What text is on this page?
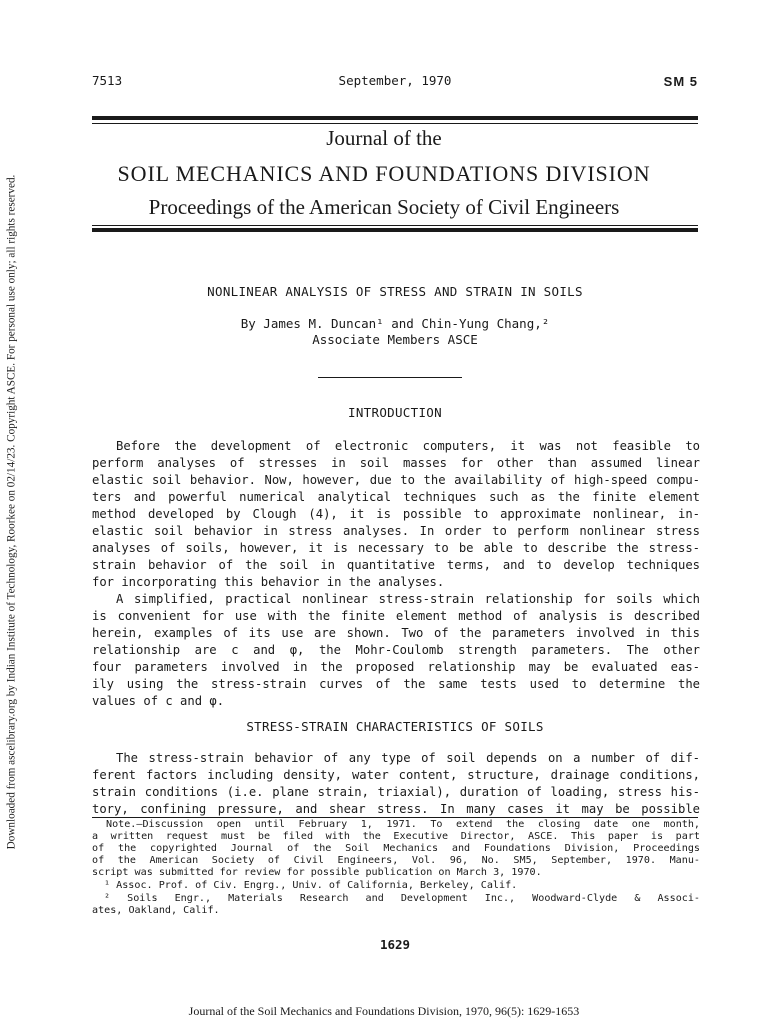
Downloaded from ascelibrary.org by Indian Institute of Technology, Roorkee on 02/14/23. Copyright ASCE. For personal use only; all rights reserved.
7513	September, 1970	SM 5
Journal of the
SOIL MECHANICS AND FOUNDATIONS DIVISION
Proceedings of the American Society of Civil Engineers
NONLINEAR ANALYSIS OF STRESS AND STRAIN IN SOILS
By James M. Duncan¹ and Chin-Yung Chang,²
Associate Members ASCE
INTRODUCTION
Before the development of electronic computers, it was not feasible to
perform analyses of stresses in soil masses for other than assumed linear
elastic soil behavior. Now, however, due to the availability of high-speed compu-
ters and powerful numerical analytical techniques such as the finite element
method developed by Clough (4), it is possible to approximate nonlinear, in-
elastic soil behavior in stress analyses. In order to perform nonlinear stress
analyses of soils, however, it is necessary to be able to describe the stress-
strain behavior of the soil in quantitative terms, and to develop techniques
for incorporating this behavior in the analyses.
A simplified, practical nonlinear stress-strain relationship for soils which
is convenient for use with the finite element method of analysis is described
herein, examples of its use are shown. Two of the parameters involved in this
relationship are c and φ, the Mohr-Coulomb strength parameters. The other
four parameters involved in the proposed relationship may be evaluated eas-
ily using the stress-strain curves of the same tests used to determine the
values of c and φ.
STRESS-STRAIN CHARACTERISTICS OF SOILS
The stress-strain behavior of any type of soil depends on a number of dif-
ferent factors including density, water content, structure, drainage conditions,
strain conditions (i.e. plane strain, triaxial), duration of loading, stress his-
tory, confining pressure, and shear stress. In many cases it may be possible
Note.—Discussion open until February 1, 1971. To extend the closing date one month,
a written request must be filed with the Executive Director, ASCE. This paper is part
of the copyrighted Journal of the Soil Mechanics and Foundations Division, Proceedings
of the American Society of Civil Engineers, Vol. 96, No. SM5, September, 1970. Manu-
script was submitted for review for possible publication on March 3, 1970.
¹ Assoc. Prof. of Civ. Engrg., Univ. of California, Berkeley, Calif.
² Soils Engr., Materials Research and Development Inc., Woodward-Clyde & Associ-
ates, Oakland, Calif.
1629
Journal of the Soil Mechanics and Foundations Division, 1970, 96(5): 1629-1653
